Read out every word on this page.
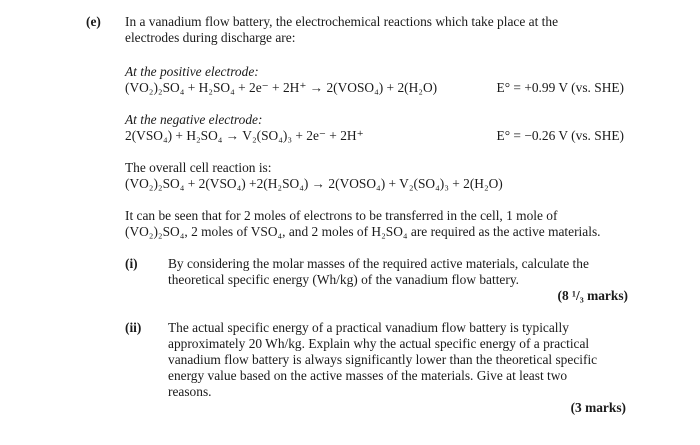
(e) In a vanadium flow battery, the electrochemical reactions which take place at the
electrodes during discharge are:
At the positive electrode:
(VO₂)₂SO₄ + H₂SO₄ + 2e⁻ + 2H⁺ → 2(VOSO₄) + 2(H₂O)	E° = +0.99 V (vs. SHE)
At the negative electrode:
2(VSO₄) + H₂SO₄ → V₂(SO₄)₃ + 2e⁻ + 2H⁺	E° = −0.26 V (vs. SHE)
The overall cell reaction is:
(VO₂)₂SO₄ + 2(VSO₄) +2(H₂SO₄) → 2(VOSO₄) + V₂(SO₄)₃ + 2(H₂O)
It can be seen that for 2 moles of electrons to be transferred in the cell, 1 mole of
(VO₂)₂SO₄, 2 moles of VSO₄, and 2 moles of H₂SO₄ are required as the active materials.
(i) By considering the molar masses of the required active materials, calculate the
theoretical specific energy (Wh/kg) of the vanadium flow battery.
(8 ¹/₃ marks)
(ii) The actual specific energy of a practical vanadium flow battery is typically
approximately 20 Wh/kg. Explain why the actual specific energy of a practical
vanadium flow battery is always significantly lower than the theoretical specific
energy value based on the active masses of the materials. Give at least two
reasons.
(3 marks)
